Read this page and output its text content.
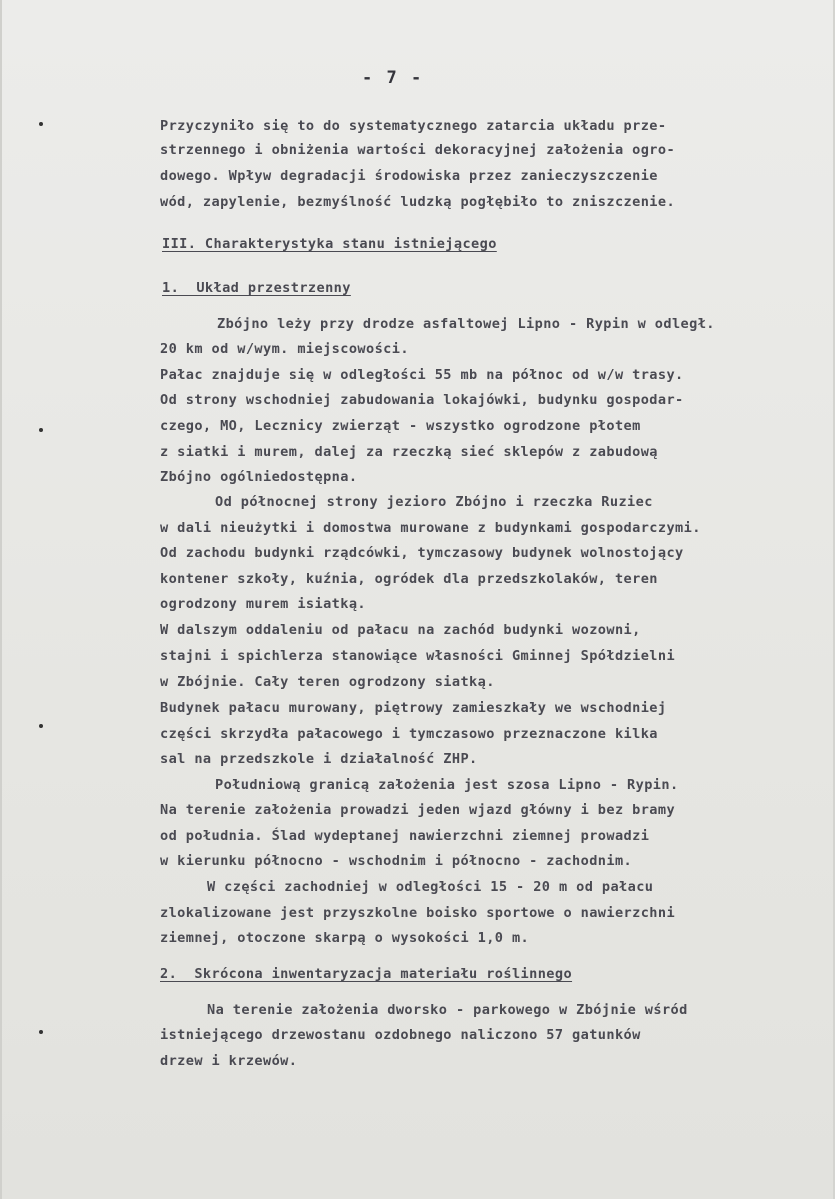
- 7 -
Przyczyniło się to do systematycznego zatarcia układu prze-
strzennego i obniżenia wartości dekoracyjnej założenia ogro-
dowego. Wpływ degradacji środowiska przez zanieczyszczenie
wód, zapylenie, bezmyślność ludzką pogłębiło to zniszczenie.
III. Charakterystyka stanu istniejącego
1.  Układ przestrzenny
Zbójno leży przy drodze asfaltowej Lipno - Rypin w odległ.
20 km od w/wym. miejscowości.
Pałac znajduje się w odległości 55 mb na północ od w/w trasy.
Od strony wschodniej zabudowania lokajówki, budynku gospodar-
czego, MO, Lecznicy zwierząt - wszystko ogrodzone płotem
z siatki i murem, dalej za rzeczką sieć sklepów z zabudową
Zbójno ogólniedostępna.
Od północnej strony jezioro Zbójno i rzeczka Ruziec
w dali nieużytki i domostwa murowane z budynkami gospodarczymi.
Od zachodu budynki rządcówki, tymczasowy budynek wolnostojący
kontener szkoły, kuźnia, ogródek dla przedszkolaków, teren
ogrodzony murem isiatką.
W dalszym oddaleniu od pałacu na zachód budynki wozowni,
stajni i spichlerza stanowiące własności Gminnej Spółdzielni
w Zbójnie. Cały teren ogrodzony siatką.
Budynek pałacu murowany, piętrowy zamieszkały we wschodniej
części skrzydła pałacowego i tymczasowo przeznaczone kilka
sal na przedszkole i działalność ZHP.
Południową granicą założenia jest szosa Lipno - Rypin.
Na terenie założenia prowadzi jeden wjazd główny i bez bramy
od południa. Ślad wydeptanej nawierzchni ziemnej prowadzi
w kierunku północno - wschodnim i północno - zachodnim.
W części zachodniej w odległości 15 - 20 m od pałacu
zlokalizowane jest przyszkolne boisko sportowe o nawierzchni
ziemnej, otoczone skarpą o wysokości 1,0 m.
2.  Skrócona inwentaryzacja materiału roślinnego
Na terenie założenia dworsko - parkowego w Zbójnie wśród
istniejącego drzewostanu ozdobnego naliczono 57 gatunków
drzew i krzewów.
